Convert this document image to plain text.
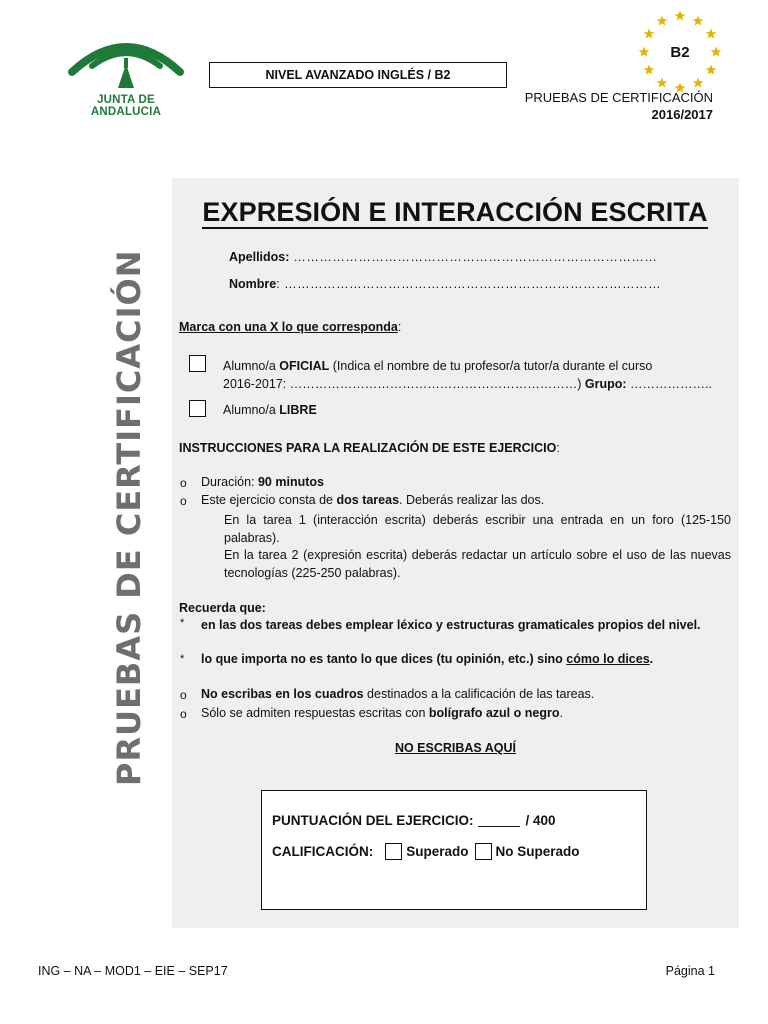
JUNTA DE ANDALUCIA
NIVEL AVANZADO INGLÉS / B2
B2
PRUEBAS DE CERTIFICACIÓN
2016/2017
PRUEBAS DE CERTIFICACIÓN
EXPRESIÓN E INTERACCIÓN ESCRITA
Apellidos: …………………………………………………………………………
Nombre: ……………………………………………………………………………
Marca con una X lo que corresponda:
Alumno/a OFICIAL (Indica el nombre de tu profesor/a tutor/a durante el curso
2016-2017: ……………………………………………………………) Grupo: ………………..
Alumno/a LIBRE
INSTRUCCIONES PARA LA REALIZACIÓN DE ESTE EJERCICIO:
o Duración: 90 minutos
o Este ejercicio consta de dos tareas. Deberás realizar las dos.
En la tarea 1 (interacción escrita) deberás escribir una entrada en un foro (125-150 palabras).
En la tarea 2 (expresión escrita) deberás redactar un artículo sobre el uso de las nuevas tecnologías (225-250 palabras).
Recuerda que:
* en las dos tareas debes emplear léxico y estructuras gramaticales propios del nivel.
* lo que importa no es tanto lo que dices (tu opinión, etc.) sino cómo lo dices.
o No escribas en los cuadros destinados a la calificación de las tareas.
o Sólo se admiten respuestas escritas con bolígrafo azul o negro.
NO ESCRIBAS AQUÍ
PUNTUACIÓN DEL EJERCICIO:	/ 400
CALIFICACIÓN: Superado No Superado
ING – NA – MOD1 – EIE – SEP17	Página 1
